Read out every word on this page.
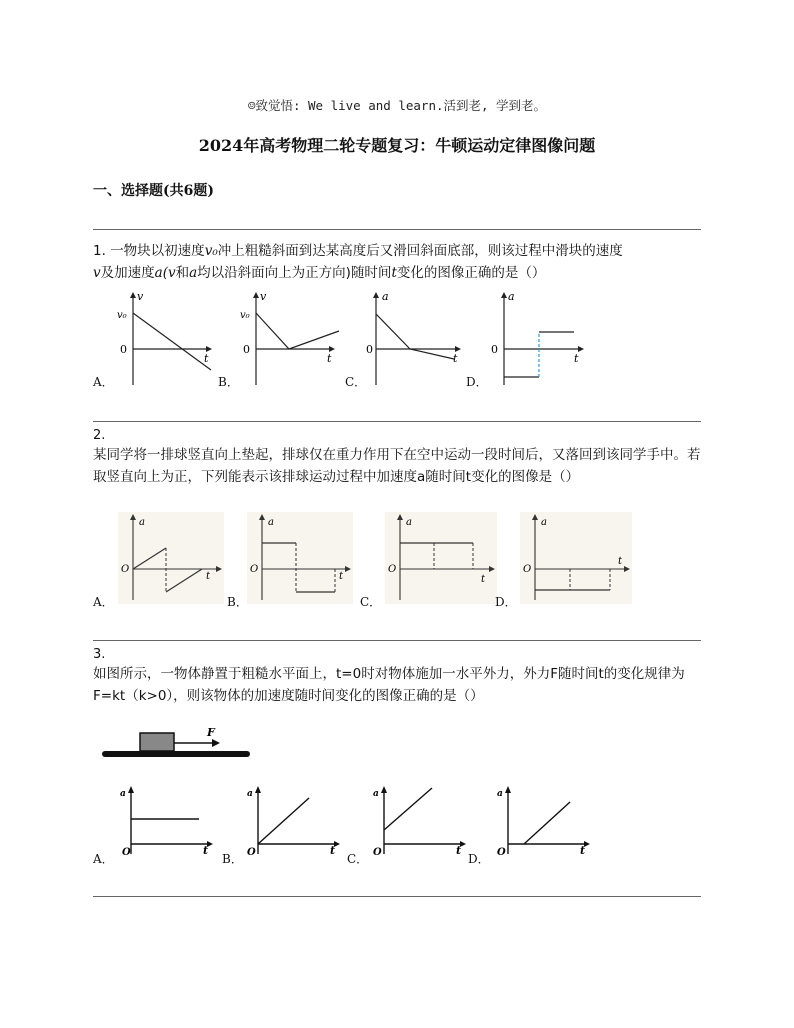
☺致觉悟: We live and learn.活到老, 学到老。
2024年高考物理二轮专题复习：牛顿运动定律图像问题
一、选择题(共6题)
1. 一物块以初速度v₀冲上粗糙斜面到达某高度后又滑回斜面底部，则该过程中滑块的速度
v及加速度a(v和a均以沿斜面向上为正方向)随时间t变化的图像正确的是（）
v
v₀
0
t
A．
v
v₀
0
t
B．
a
0
t
C．
a
0
t
D．
2.
某同学将一排球竖直向上垫起，排球仅在重力作用下在空中运动一段时间后，又落回到该同学手中。若取竖直向上为正，下列能表示该排球运动过程中加速度a随时间t变化的图像是（）
a
O
t
A．
a
O
t
B．
a
O
t
C．
a
O
t
D．
3.
如图所示，一物体静置于粗糙水平面上，t=0时对物体施加一水平外力，外力F随时间t的变化规律为F=kt（k>0），则该物体的加速度随时间变化的图像正确的是（）
F
a
O	t
A．
a
O	t
B．
a
O	t
C．
a
O	t
D．
